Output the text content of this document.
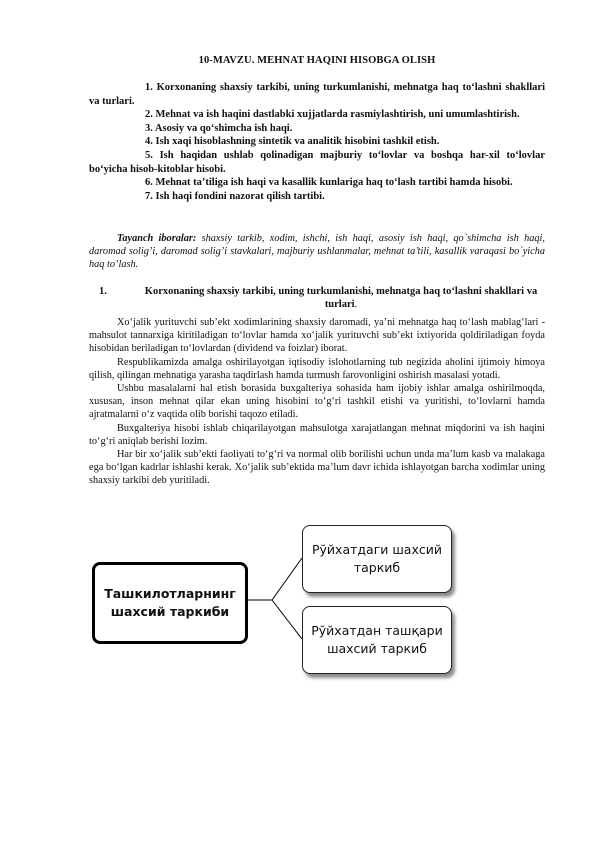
10-MAVZU. MEHNAT HAQINI HISOBGA OLISH
1. Korxonaning shaxsiy tarkibi, uning turkumlanishi, mehnatga haq to‘lashni shakllari va turlari.
2. Mehnat va ish haqini dastlabki xujjatlarda rasmiylashtirish, uni umumlashtirish.
3. Asosiy va qo‘shimcha ish haqi.
4. Ish xaqi hisoblashning sintetik va analitik hisobini tashkil etish.
5. Ish haqidan ushlab qolinadigan majburiy to‘lovlar va boshqa har-xil to‘lovlar bo‘yicha hisob-kitoblar hisobi.
6. Mehnat ta’tiliga ish haqi va kasallik kunlariga haq to‘lash tartibi hamda hisobi.
7. Ish haqi fondini nazorat qilish tartibi.
Tayanch iboralar: shaxsiy tarkib, xodim, ishchi, ish haqi, asosiy ish haqi, qo`shimcha ish haqi, daromad solig’i, daromad solig’i stavkalari, majburiy ushlanmalar, mehnat ta’tili, kasallik varaqasi bo`yicha haq to’lash.
1.	Korxonaning shaxsiy tarkibi, uning turkumlanishi, mehnatga haq to‘lashni shakllari va turlari.

Xo‘jalik yurituvchi sub’ekt xodimlarining shaxsiy daromadi, ya’ni mehnatga haq to‘lash mablag‘lari - mahsulot tannarxiga kiritiladigan to‘lovlar hamda xo‘jalik yurituvchi sub’ekt ixtiyorida qoldiriladigan foyda hisobidan beriladigan to‘lovlardan (dividend va foizlar) iborat.

Respublikamizda amalga oshirilayotgan iqtisodiy islohotlarning tub negizida aholini ijtimoiy himoya qilish, qilingan mehnatiga yarasha taqdirlash hamda turmush farovonligini oshirish masalasi yotadi.

Ushbu masalalarni hal etish borasida buxgalteriya sohasida ham ijobiy ishlar amalga oshirilmoqda, xususan, inson mehnat qilar ekan uning hisobini to‘g‘ri tashkil etishi va yuritishi, to‘lovlarni hamda ajratmalarni o‘z vaqtida olib borishi taqozo etiladi.

Buxgalteriya hisobi ishlab chiqarilayotgan mahsulotga xarajatlangan mehnat miqdorini va ish haqini to‘g‘ri aniqlab berishi lozim.

Har bir xo‘jalik sub’ekti faoliyati to‘g‘ri va normal olib borilishi uchun unda ma’lum kasb va malakaga ega bo‘lgan kadrlar ishlashi kerak. Xo‘jalik sub’ektida ma’lum davr ichida ishlayotgan barcha xodimlar uning shaxsiy tarkibi deb yuritiladi.

Ташкилотларнинг шахсий таркиби
Рўйхатдаги шахсий таркиб
Рўйхатдан ташқари шахсий таркиб
